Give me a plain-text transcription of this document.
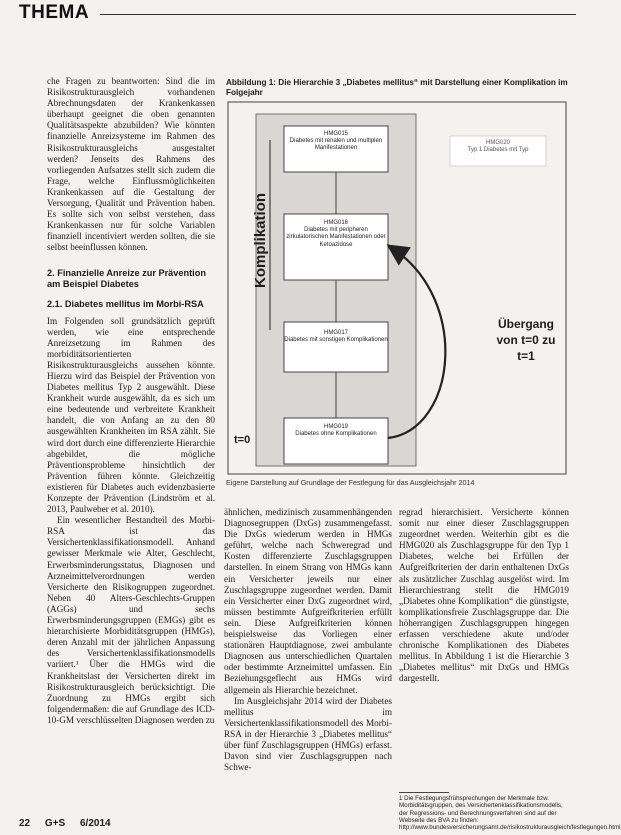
THEMA

che Fragen zu beantworten: Sind die im Risikostrukturausgleich vorhandenen Abrechnungsdaten der Krankenkassen überhaupt geeignet die oben genannten Qualitätsaspekte abzubilden? Wie könnten finanzielle Anreizsysteme im Rahmen des Risikostrukturausgleichs ausgestaltet werden? Jenseits des Rahmens des vorliegenden Aufsatzes stellt sich zudem die Frage, welche Einflussmöglichkeiten Krankenkassen auf die Gestaltung der Versorgung, Qualität und Prävention haben. Es sollte sich von selbst verstehen, dass Krankenkassen nur für solche Variablen finanziell incentiviert werden sollten, die sie selbst beeinflussen können.

2. Finanzielle Anreize zur Prävention am Beispiel Diabetes

2.1. Diabetes mellitus im Morbi-RSA

Im Folgenden soll grundsätzlich geprüft werden, wie eine entsprechende Anreizsetzung im Rahmen des morbiditätsorientierten Risikostrukturausgleichs aussehen könnte. Hierzu wird das Beispiel der Prävention von Diabetes mellitus Typ 2 ausgewählt. Diese Krankheit wurde ausgewählt, da es sich um eine bedeutende und verbreitete Krankheit handelt, die von Anfang an zu den 80 ausgewählten Krankheiten im RSA zählt. Sie wird dort durch eine differenzierte Hierarchie abgebildet, die mögliche Präventionsprobleme hinsichtlich der Prävention führen könnte. Gleichzeitig existieren für Diabetes auch evidenzbasierte Konzepte der Prävention (Lindström et al. 2013, Paulweber et al. 2010).

Ein wesentlicher Bestandteil des Morbi-RSA ist das Versichertenklassifikationsmodell. Anhand gewisser Merkmale wie Alter, Geschlecht, Erwerbsminderungsstatus, Diagnosen und Arzneimittelverordnungen werden Versicherte den Risikogruppen zugeordnet. Neben 40 Alters-Geschlechts-Gruppen (AGGs) und sechs Erwerbsminderungsgruppen (EMGs) gibt es hierarchisierte Morbiditätsgruppen (HMGs), deren Anzahl mit der jährlichen Anpassung des Versichertenklassifikationsmodells variiert.¹ Über die HMGs wird die Krankheitslast der Versicherten direkt im Risikostrukturausgleich berücksichtigt. Die Zuordnung zu HMGs ergibt sich folgendermaßen: die auf Grundlage des ICD-10-GM verschlüsselten Diagnosen werden zu

Abbildung 1: Die Hierarchie 3 „Diabetes mellitus“ mit Darstellung einer Komplikation im Folgejahr
HMG015
Diabetes mit renalen und multiplen Manifestationen
HMG016
Diabetes mit peripheren zirkulatorischen Manifestationen oder Ketoazidose
HMG017
Diabetes mit sonstigen Komplikationen
HMG019
Diabetes ohne Komplikationen
HMG020
Typ 1 Diabetes mit Typ
Komplikation
t=0
Übergang
von t=0 zu
t=1
Eigene Darstellung auf Grundlage der Festlegung für das Ausgleichsjahr 2014

ähnlichen, medizinisch zusammenhängenden Diagnosegruppen (DxGs) zusammengefasst. Die DxGs wiederum werden in HMGs geführt, welche nach Schweregrad und Kosten differenzierte Zuschlagsgruppen darstellen. In einem Strang von HMGs kann ein Versicherter jeweils nur einer Zuschlagsgruppe zugeordnet werden. Damit ein Versicherter einer DxG zugeordnet wird, müssen bestimmte Aufgreifkriterien erfüllt sein. Diese Aufgreifkriterien können beispielsweise das Vorliegen einer stationären Hauptdiagnose, zwei ambulante Diagnosen aus unterschiedlichen Quartalen oder bestimmte Arzneimittel umfassen. Ein Beziehungsgeflecht aus HMGs wird allgemein als Hierarchie bezeichnet.

Im Ausgleichsjahr 2014 wird der Diabetes mellitus im Versichertenklassifikationsmodell des Morbi-RSA in der Hierarchie 3 „Diabetes mellitus“ über fünf Zuschlagsgruppen (HMGs) erfasst. Davon sind vier Zuschlagsgruppen nach Schwe-

regrad hierarchisiert. Versicherte können somit nur einer dieser Zuschlagsgruppen zugeordnet werden. Weiterhin gibt es die HMG020 als Zuschlagsgruppe für den Typ 1 Diabetes, welche bei Erfüllen der Aufgreifkriterien der darin enthaltenen DxGs als zusätzlicher Zuschlag ausgelöst wird. Im Hierarchiestrang stellt die HMG019 „Diabetes ohne Komplikation“ die günstigste, komplikationsfreie Zuschlagsgruppe dar. Die höherrangigen Zuschlagsgruppen hingegen erfassen verschiedene akute und/oder chronische Komplikationen des Diabetes mellitus. In Abbildung 1 ist die Hierarchie 3 „Diabetes mellitus“ mit DxGs und HMGs dargestellt.

1 Die Festlegungsfrühsprechungen der Merkmale bzw. Morbiditätsgruppen, des Versichertenklassifikationsmodells, der Regressions- und Berechnungsverfahren sind auf der Webseite des BVA zu finden: http://www.bundesversicherungsamt.de/risikostrukturausgleich/festlegungen.html
22 G+S 6/2014
